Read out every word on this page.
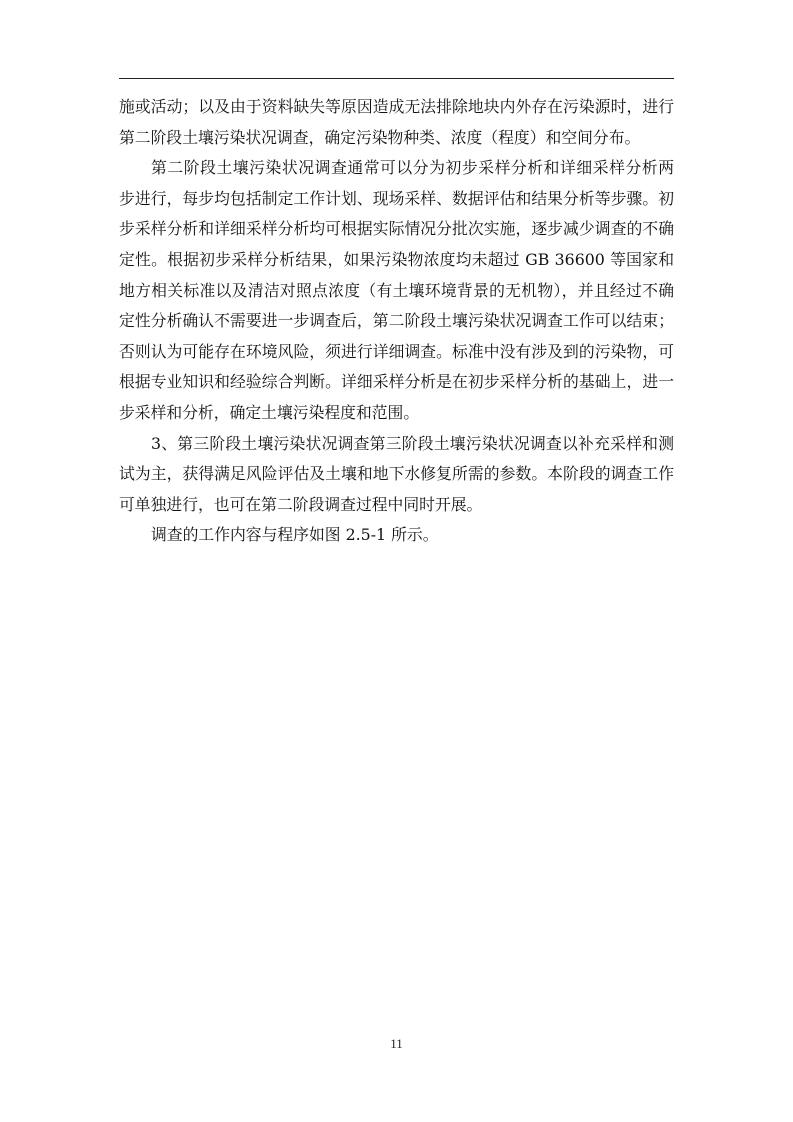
施或活动；以及由于资料缺失等原因造成无法排除地块内外存在污染源时，进行
第二阶段土壤污染状况调查，确定污染物种类、浓度（程度）和空间分布。
第二阶段土壤污染状况调查通常可以分为初步采样分析和详细采样分析两
步进行，每步均包括制定工作计划、现场采样、数据评估和结果分析等步骤。初
步采样分析和详细采样分析均可根据实际情况分批次实施，逐步减少调查的不确
定性。根据初步采样分析结果，如果污染物浓度均未超过 GB 36600 等国家和
地方相关标准以及清洁对照点浓度（有土壤环境背景的无机物），并且经过不确
定性分析确认不需要进一步调查后，第二阶段土壤污染状况调查工作可以结束；
否则认为可能存在环境风险，须进行详细调查。标准中没有涉及到的污染物，可
根据专业知识和经验综合判断。详细采样分析是在初步采样分析的基础上，进一
步采样和分析，确定土壤污染程度和范围。
3、第三阶段土壤污染状况调查第三阶段土壤污染状况调查以补充采样和测
试为主，获得满足风险评估及土壤和地下水修复所需的参数。本阶段的调查工作
可单独进行，也可在第二阶段调查过程中同时开展。
调查的工作内容与程序如图 2.5-1 所示。
11
